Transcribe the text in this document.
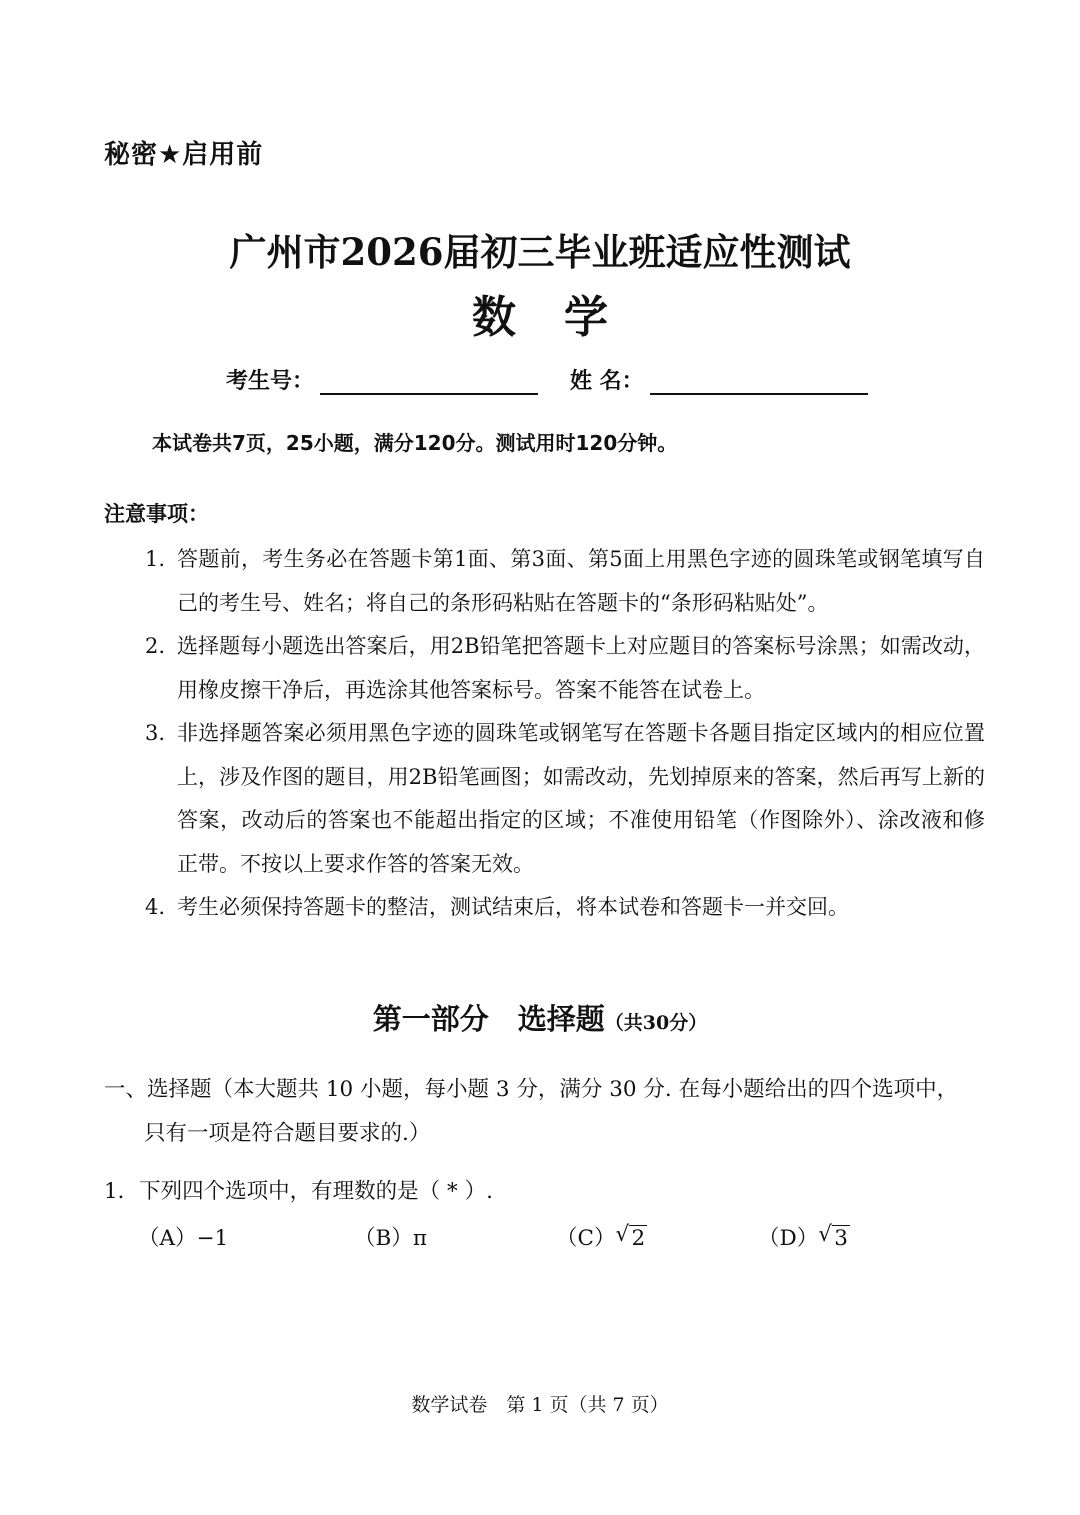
秘密★启用前
广州市2026届初三毕业班适应性测试
数学
考生号：	姓 名：
本试卷共7页，25小题，满分120分。测试用时120分钟。
注意事项：
1. 答题前，考生务必在答题卡第1面、第3面、第5面上用黑色字迹的圆珠笔或钢笔填写自己的考生号、姓名；将自己的条形码粘贴在答题卡的“条形码粘贴处”。
2. 选择题每小题选出答案后，用2B铅笔把答题卡上对应题目的答案标号涂黑；如需改动，用橡皮擦干净后，再选涂其他答案标号。答案不能答在试卷上。
3. 非选择题答案必须用黑色字迹的圆珠笔或钢笔写在答题卡各题目指定区域内的相应位置上，涉及作图的题目，用2B铅笔画图；如需改动，先划掉原来的答案，然后再写上新的答案，改动后的答案也不能超出指定的区域；不准使用铅笔（作图除外）、涂改液和修正带。不按以上要求作答的答案无效。
4. 考生必须保持答题卡的整洁，测试结束后，将本试卷和答题卡一并交回。
第一部分　选择题（共30分）
一、选择题（本大题共 10 小题，每小题 3 分，满分 30 分. 在每小题给出的四个选项中，
只有一项是符合题目要求的.）
1．下列四个选项中，有理数的是（ * ）.
（A）−1	（B）π	（C） √ 2	（D） √ 3
数学试卷　第 1 页（共 7 页）
